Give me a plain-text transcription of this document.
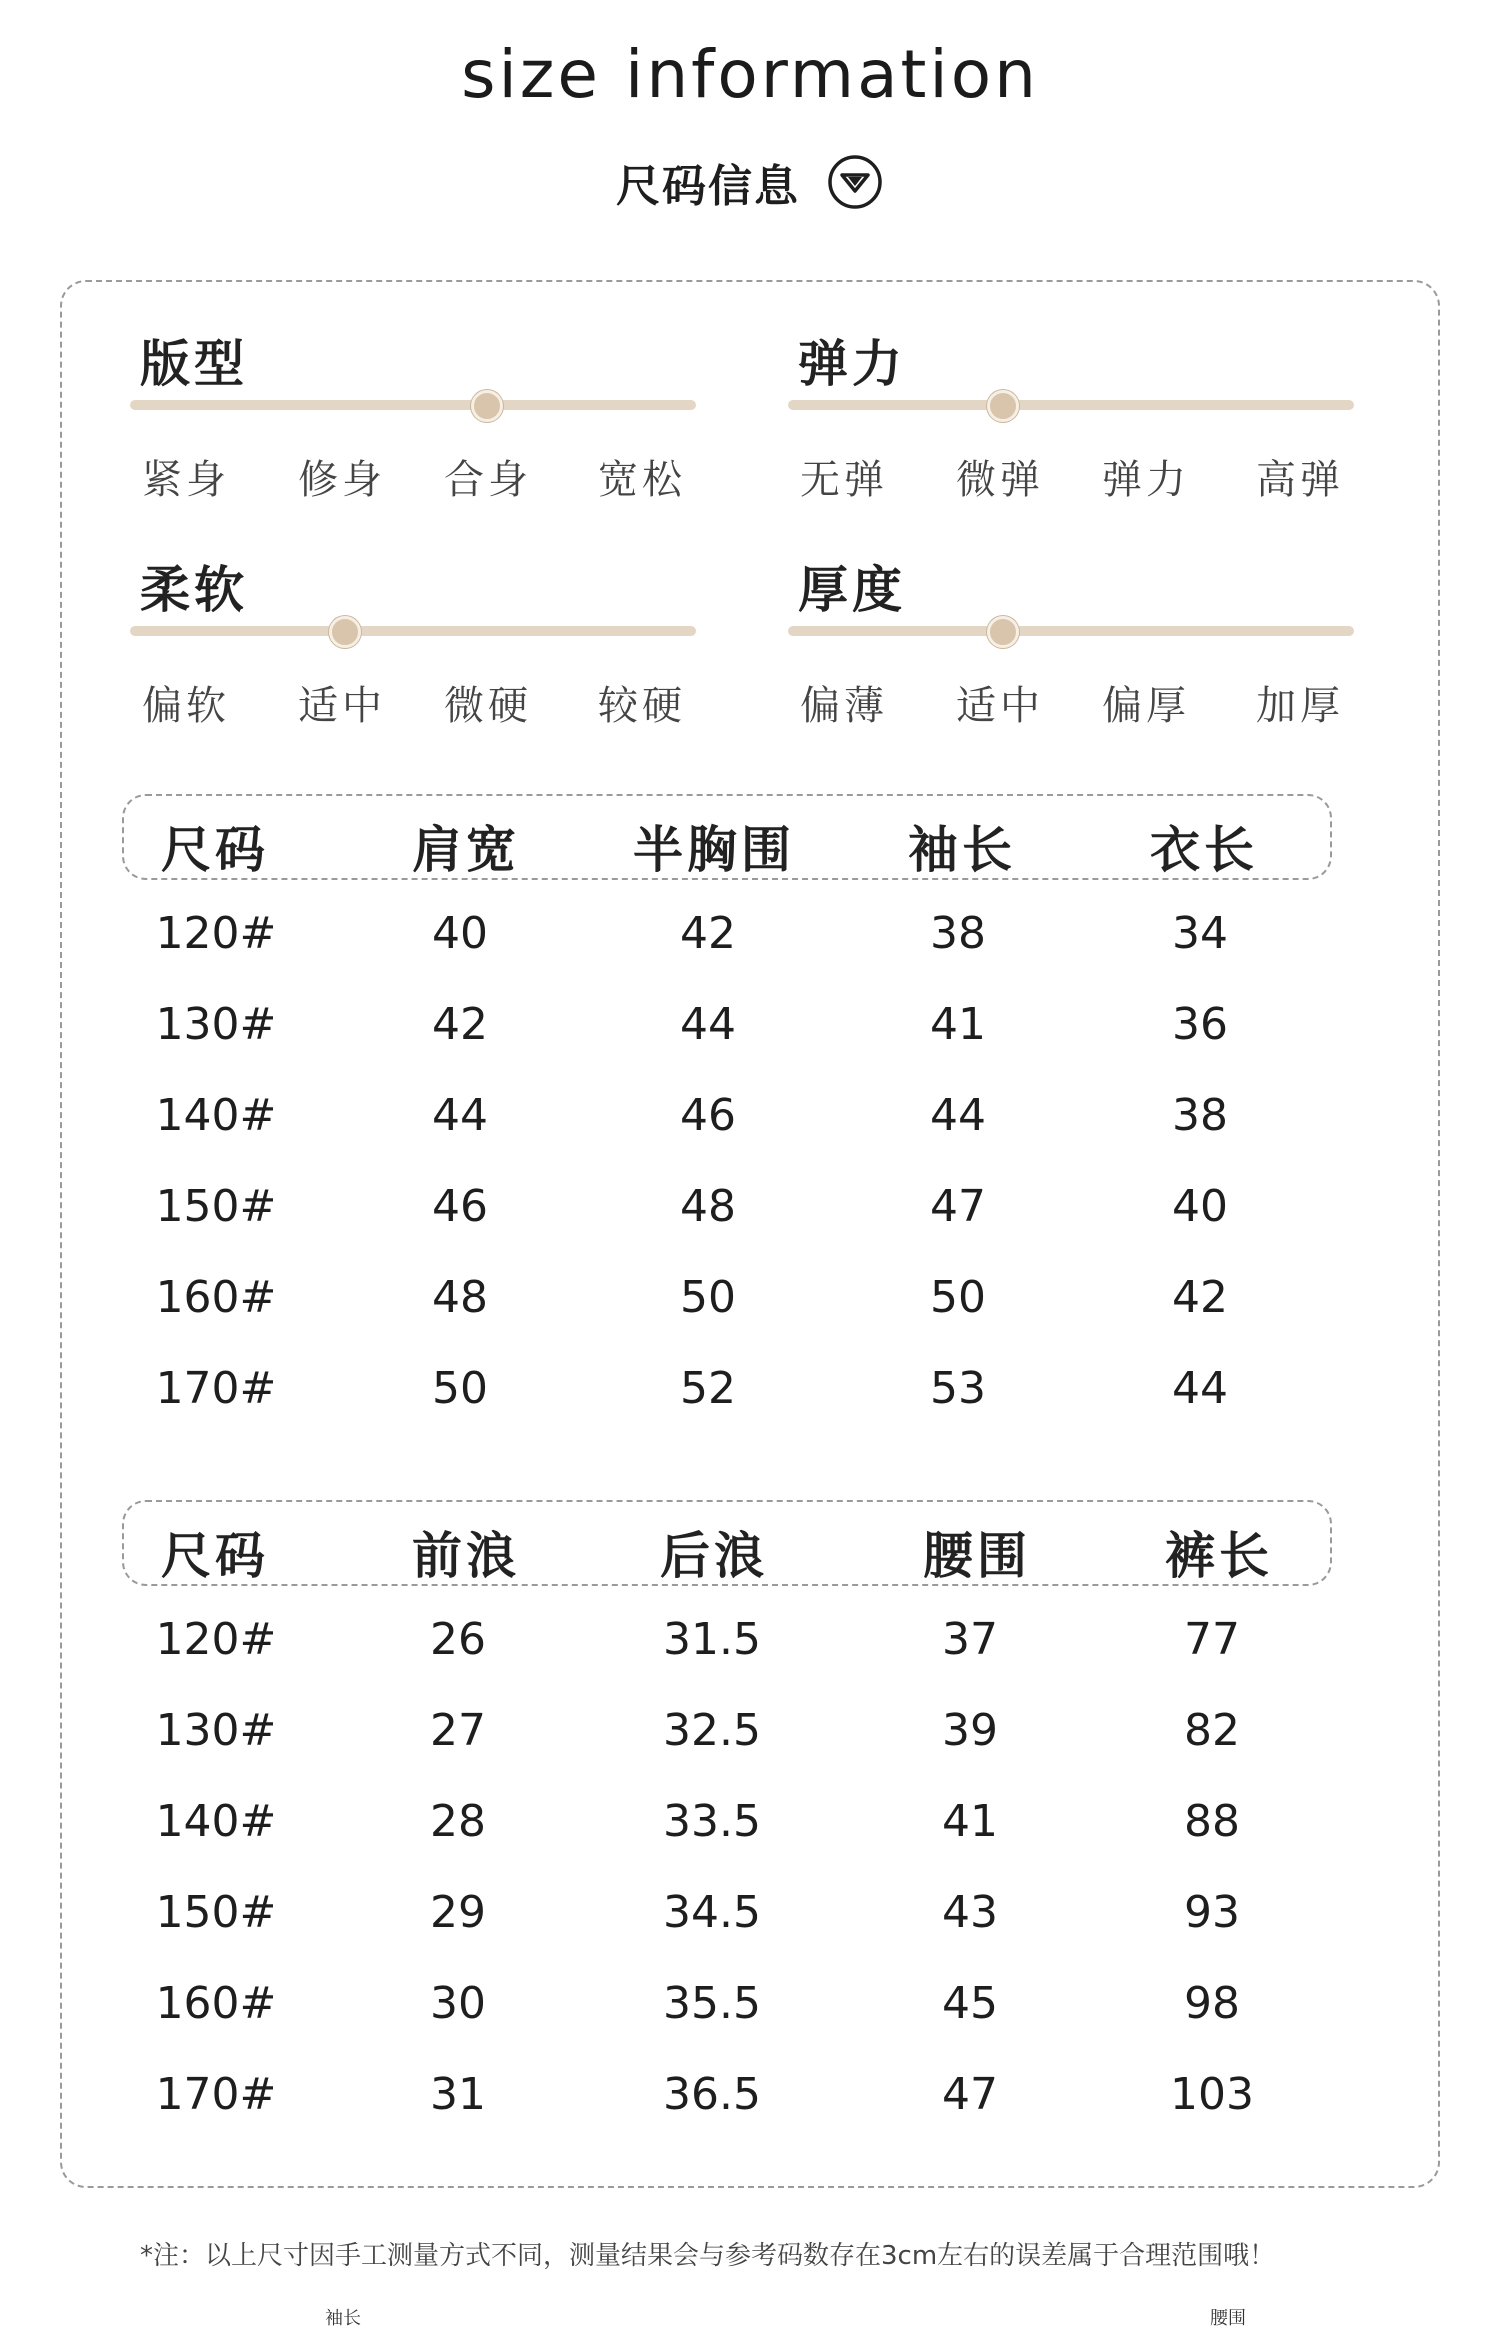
size information
尺码信息
版型
紧身 修身 合身 宽松
弹力
无弹 微弹 弹力 高弹
柔软
偏软 适中 微硬 较硬
厚度
偏薄 适中 偏厚 加厚
尺码	肩宽	半胸围	袖长	衣长
120#	40	42	38	34
130#	42	44	41	36
140#	44	46	44	38
150#	46	48	47	40
160#	48	50	50	42
170#	50	52	53	44
尺码	前浪	后浪	腰围	裤长
120#	26	31.5	37	77
130#	27	32.5	39	82
140#	28	33.5	41	88
150#	29	34.5	43	93
160#	30	35.5	45	98
170#	31	36.5	47	103
*注：以上尺寸因手工测量方式不同，测量结果会与参考码数存在3cm左右的误差属于合理范围哦！
袖长	腰围
